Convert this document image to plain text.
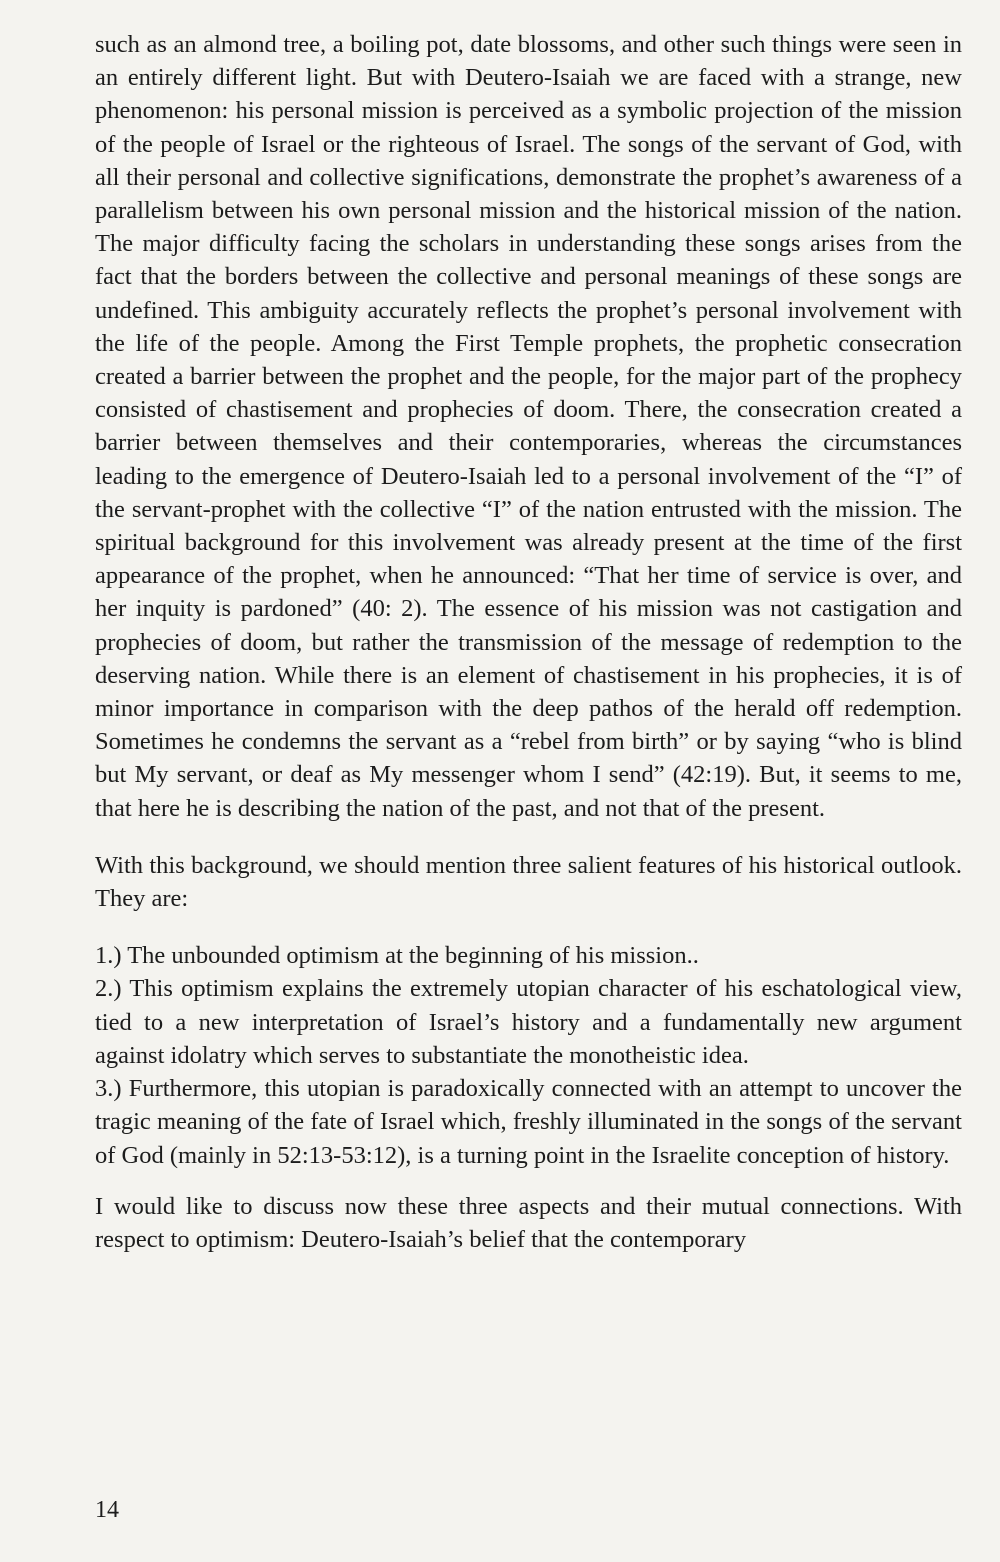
such as an almond tree, a boiling pot, date blossoms, and other such things were seen in an entirely different light. But with Deutero-Isaiah we are faced with a strange, new phenomenon: his personal mission is perceived as a symbolic projection of the mission of the people of Israel or the righteous of Israel. The songs of the servant of God, with all their personal and collective significations, demonstrate the prophet’s awareness of a parallelism between his own personal mission and the historical mission of the nation. The major difficulty facing the scholars in understanding these songs arises from the fact that the borders between the collective and personal meanings of these songs are undefined. This ambiguity accurately reflects the prophet’s personal involvement with the life of the people. Among the First Temple prophets, the prophetic consecration created a barrier between the prophet and the people, for the major part of the prophecy consisted of chastisement and prophecies of doom. There, the consecration created a barrier between themselves and their contemporaries, whereas the circumstances leading to the emergence of Deutero-Isaiah led to a personal involvement of the “I” of the servant-prophet with the collective “I” of the nation entrusted with the mission. The spiritual background for this involvement was already present at the time of the first appearance of the prophet, when he announced: “That her time of service is over, and her inquity is pardoned” (40: 2). The essence of his mission was not castigation and prophecies of doom, but rather the transmission of the message of redemption to the deserving nation. While there is an element of chastisement in his prophecies, it is of minor importance in comparison with the deep pathos of the herald off redemption. Sometimes he condemns the servant as a “rebel from birth” or by saying “who is blind but My servant, or deaf as My messenger whom I send” (42:19). But, it seems to me, that here he is describing the nation of the past, and not that of the present.

With this background, we should mention three salient features of his historical outlook. They are:

1.) The unbounded optimism at the beginning of his mission..

2.) This optimism explains the extremely utopian character of his eschatological view, tied to a new interpretation of Israel’s history and a fundamentally new argument against idolatry which serves to substantiate the monotheistic idea.

3.) Furthermore, this utopian is paradoxically connected with an attempt to uncover the tragic meaning of the fate of Israel which, freshly illuminated in the songs of the servant of God (mainly in 52:13-53:12), is a turning point in the Israelite conception of history.

I would like to discuss now these three aspects and their mutual connections. With respect to optimism: Deutero-Isaiah’s belief that the contemporary

14
